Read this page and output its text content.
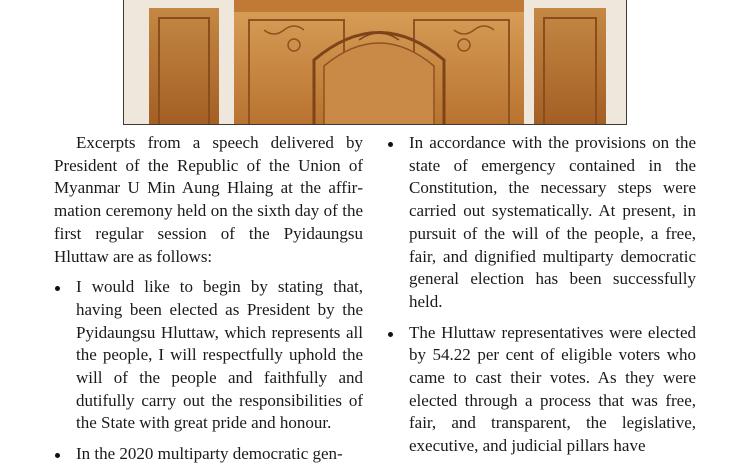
Excerpts from a speech delivered by President of the Republic of the Union of Myanmar U Min Aung Hlaing at the affirmation ceremony held on the sixth day of the first regular session of the Pyidaungsu Hluttaw are as follows:

I would like to begin by stating that, having been elected as President by the Pyidaungsu Hluttaw, which represents all the people, I will respectfully uphold the will of the people and faithfully and dutifully carry out the responsibilities of the State with great pride and honour.
In the 2020 multiparty democratic gen-
In accordance with the provisions on the state of emergency contained in the Constitution, the necessary steps were carried out systematically. At present, in pursuit of the will of the people, a free, fair, and dignified multiparty democratic general election has been successfully held.
The Hluttaw representatives were elected by 54.22 per cent of eligible voters who came to cast their votes. As they were elected through a process that was free, fair, and transparent, the legislative, executive, and judicial pillars have
